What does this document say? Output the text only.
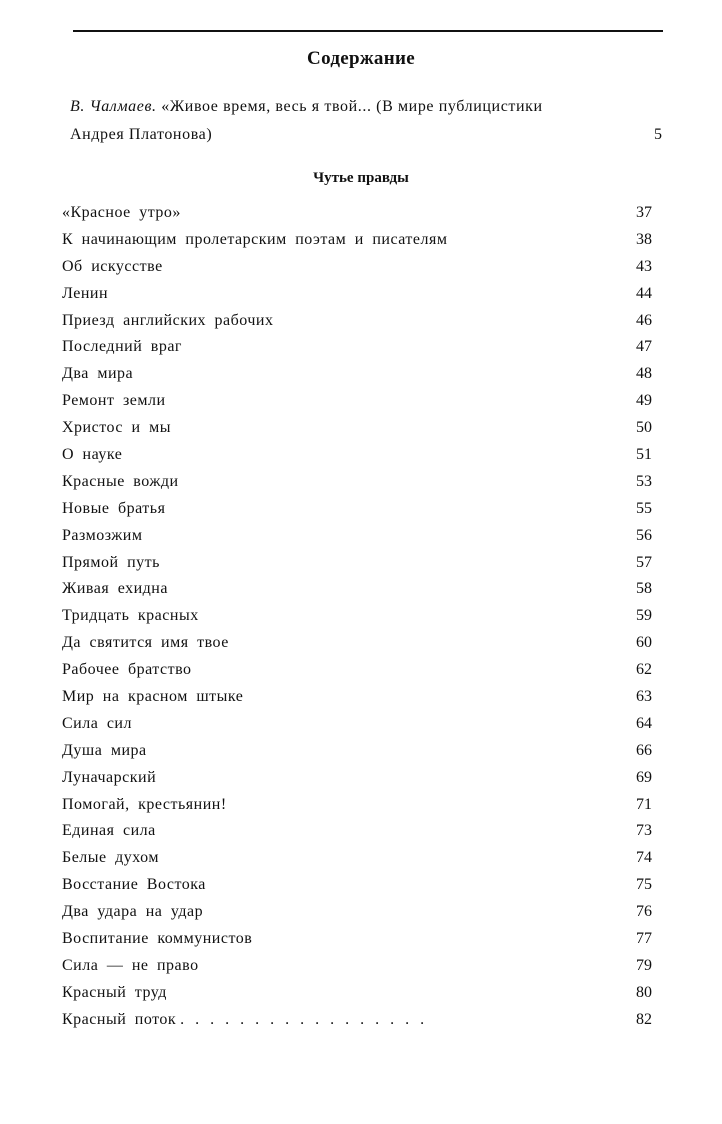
Содержание
В. Чалмаев. «Живое время, весь я твой... (В мире публицистики
Андрея Платонова)	5
Чутье правды
«Красное утро»	37
К начинающим пролетарским поэтам и писателям	38
Об искусстве	43
Ленин	44
Приезд английских рабочих	46
Последний враг	47
Два мира	48
Ремонт земли	49
Христос и мы	50
О науке	51
Красные вожди	53
Новые братья	55
Размозжим	56
Прямой путь	57
Живая ехидна	58
Тридцать красных	59
Да святится имя твое	60
Рабочее братство	62
Мир на красном штыке	63
Сила сил	64
Душа мира	66
Луначарский	69
Помогай, крестьянин!	71
Единая сила	73
Белые духом	74
Восстание Востока	75
Два удара на удар	76
Воспитание коммунистов	77
Сила — не право	79
Красный труд	80
Красный поток .................	82
